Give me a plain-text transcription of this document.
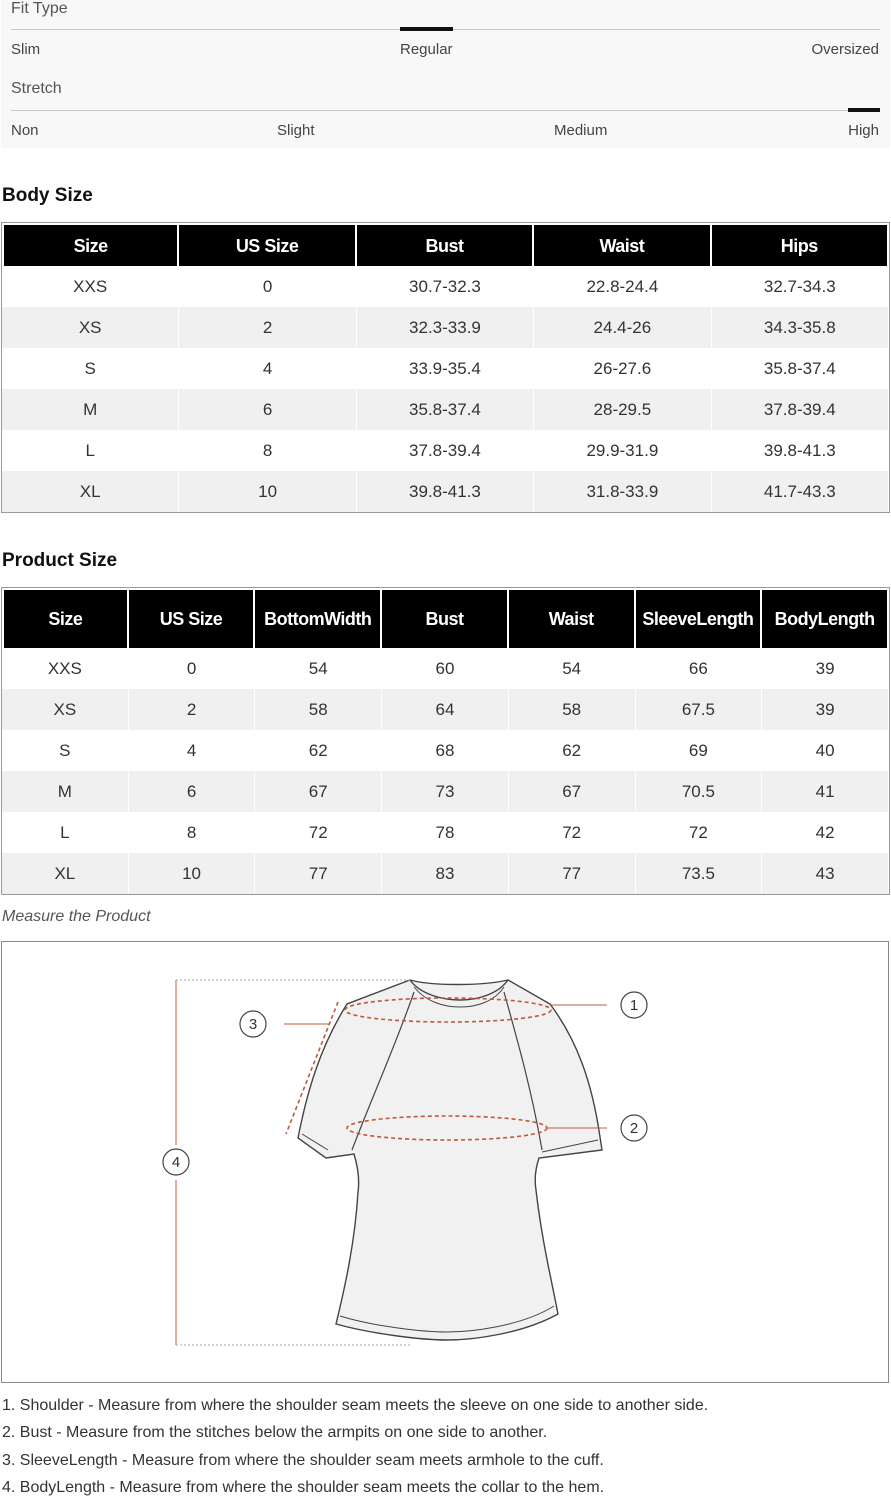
Fit Type
Slim	Regular	Oversized
Stretch
Non	Slight	Medium	High
Body Size
Size	US Size	Bust	Waist	Hips
XXS	0	30.7-32.3	22.8-24.4	32.7-34.3
XS	2	32.3-33.9	24.4-26	34.3-35.8
S	4	33.9-35.4	26-27.6	35.8-37.4
M	6	35.8-37.4	28-29.5	37.8-39.4
L	8	37.8-39.4	29.9-31.9	39.8-41.3
XL	10	39.8-41.3	31.8-33.9	41.7-43.3
Product Size
Size	US Size	BottomWidth	Bust	Waist	SleeveLength	BodyLength
XXS	0	54	60	54	66	39
XS	2	58	64	58	67.5	39
S	4	62	68	62	69	40
M	6	67	73	67	70.5	41
L	8	72	78	72	72	42
XL	10	77	83	77	73.5	43
Measure the Product
1
2
3
4
1. Shoulder - Measure from where the shoulder seam meets the sleeve on one side to another side.
2. Bust - Measure from the stitches below the armpits on one side to another.
3. SleeveLength - Measure from where the shoulder seam meets armhole to the cuff.
4. BodyLength - Measure from where the shoulder seam meets the collar to the hem.
